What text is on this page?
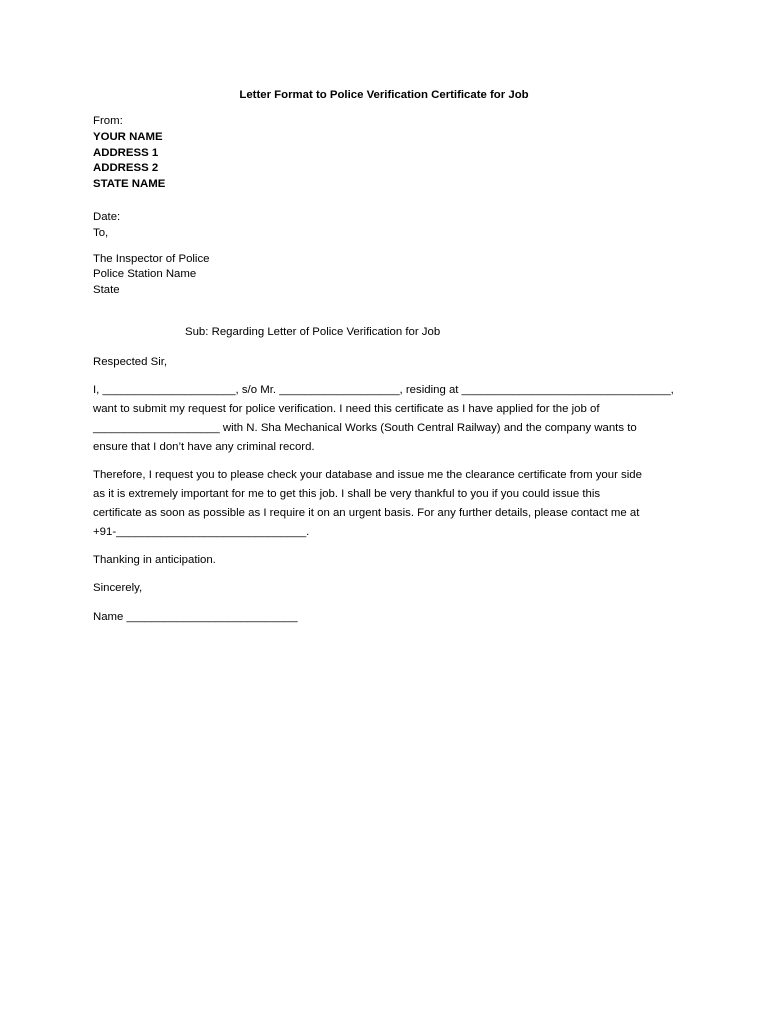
Letter Format to Police Verification Certificate for Job
From:
YOUR NAME
ADDRESS 1
ADDRESS 2
STATE NAME
Date:
To,
The Inspector of Police
Police Station Name
State
Sub: Regarding Letter of Police Verification for Job
Respected Sir,
I, _____________________, s/o Mr. ___________________, residing at _________________________________,
want to submit my request for police verification. I need this certificate as I have applied for the job of
____________________ with N. Sha Mechanical Works (South Central Railway) and the company wants to
ensure that I don’t have any criminal record.
Therefore, I request you to please check your database and issue me the clearance certificate from your side
as it is extremely important for me to get this job. I shall be very thankful to you if you could issue this
certificate as soon as possible as I require it on an urgent basis. For any further details, please contact me at
+91-______________________________.
Thanking in anticipation.
Sincerely,
Name ___________________________
